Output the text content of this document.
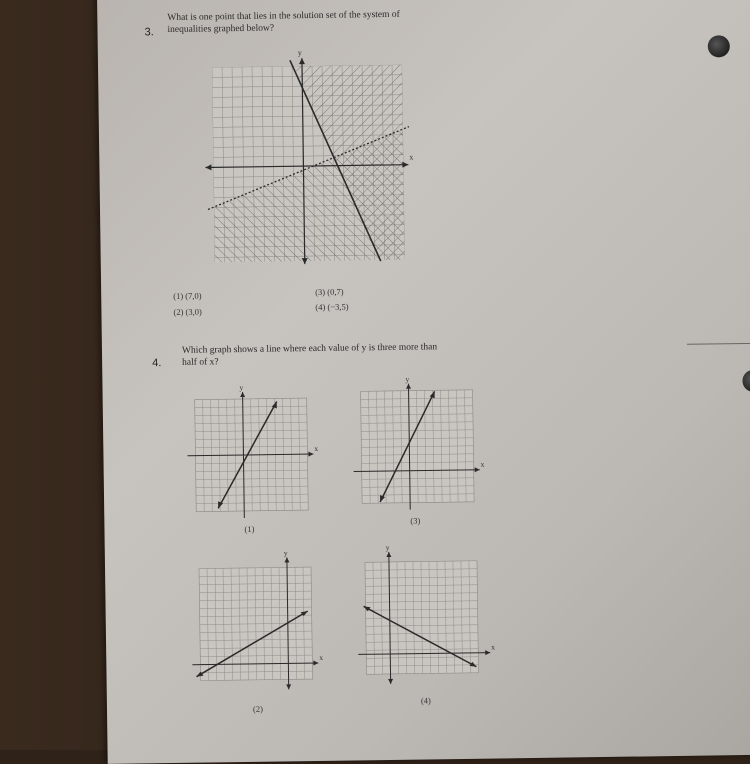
3.
What is one point that lies in the solution set of the system of
inequalities graphed below?
x
y
(1) (7,0)
(2) (3,0)
(3) (0,7)
(4) (−3,5)
4.
Which graph shows a line where each value of y is three more than
half of x?
x
y
(1)
x
y
(3)
x
y
(2)
x
y
(4)
